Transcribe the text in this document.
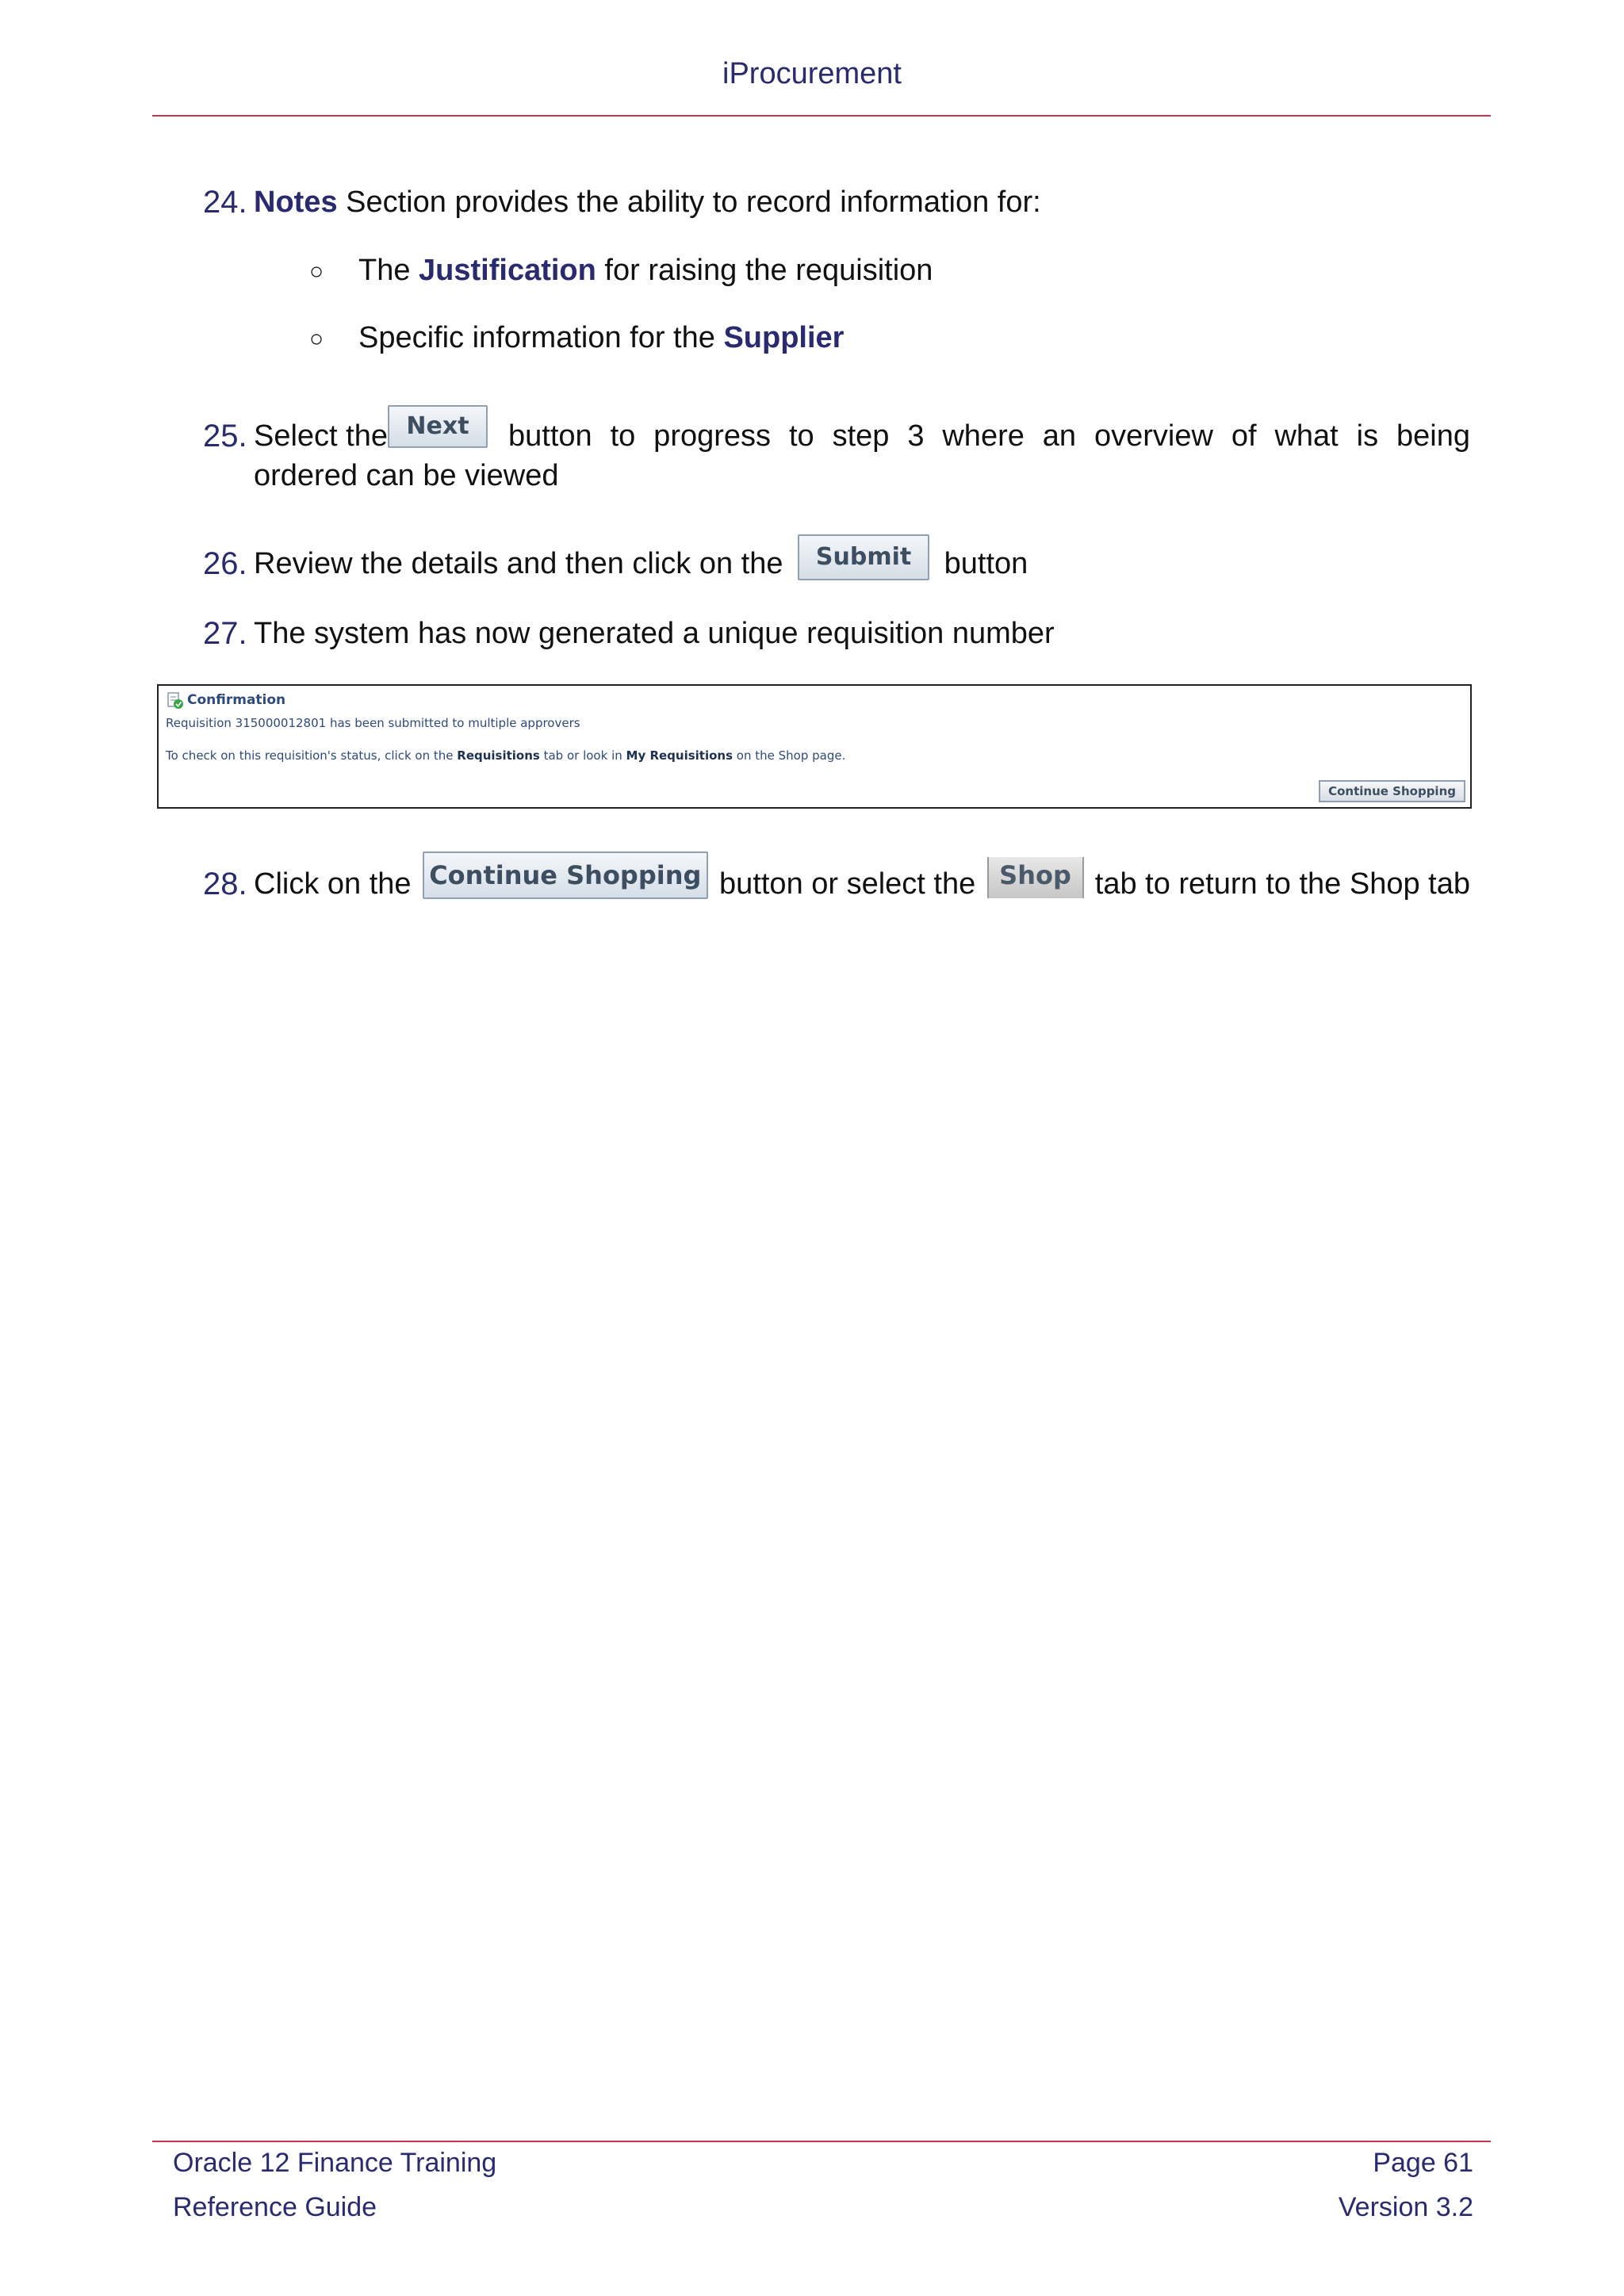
iProcurement
24. Notes Section provides the ability to record information for:
○ The Justification for raising the requisition
○ Specific information for the Supplier
25. Select the Next	button to progress to step 3 where an overview of what is being
ordered can be viewed
26. Review the details and then click on the Submit button
27. The system has now generated a unique requisition number
Confirmation
Requisition 315000012801 has been submitted to multiple approvers
To check on this requisition's status, click on the Requisitions tab or look in My Requisitions on the Shop page.
Continue Shopping
28. Click on the Continue Shopping button or select the Shop tab to return to the Shop tab
Oracle 12 Finance Training
Reference Guide
Page 61
Version 3.2
